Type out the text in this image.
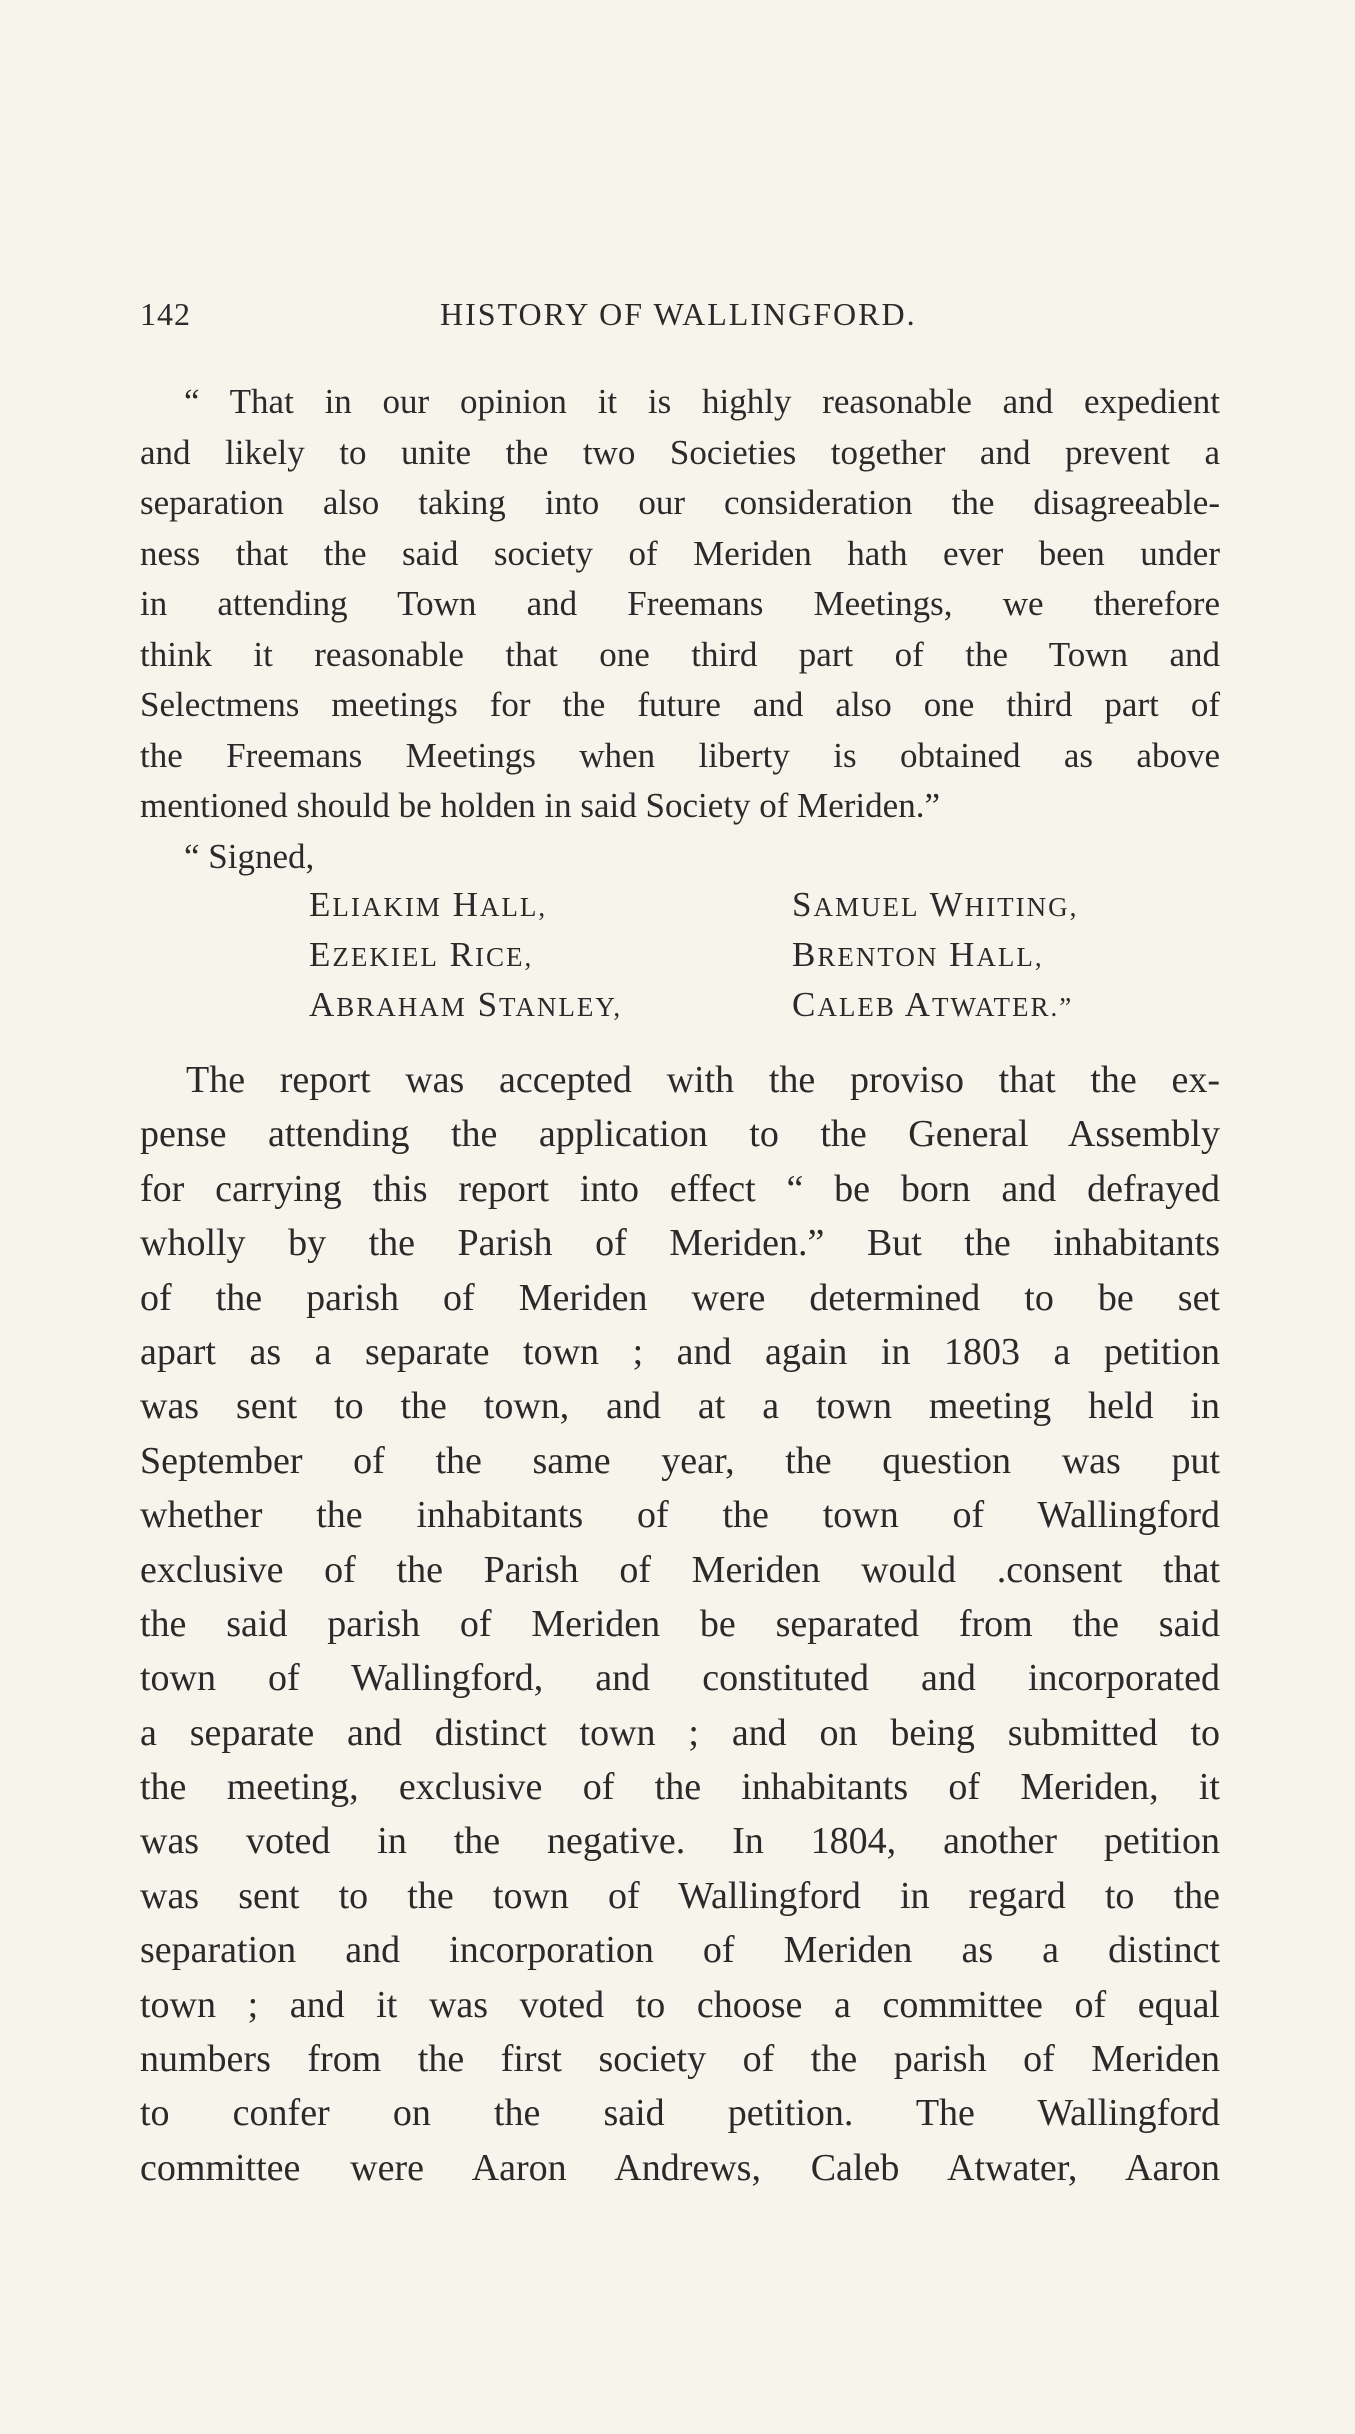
142	HISTORY OF WALLINGFORD.
“ That in our opinion it is highly reasonable and expedient
and likely to unite the two Societies together and prevent a
separation also taking into our consideration the disagreeable-
ness that the said society of Meriden hath ever been under
in attending Town and Freemans Meetings, we therefore
think it reasonable that one third part of the Town and
Selectmens meetings for the future and also one third part of
the Freemans Meetings when liberty is obtained as above
mentioned should be holden in said Society of Meriden.”
“ Signed,
ELIAKIM HALL,	SAMUEL WHITING,
EZEKIEL RICE,	BRENTON HALL,
ABRAHAM STANLEY,	CALEB ATWATER.”
The report was accepted with the proviso that the ex-
pense attending the application to the General Assembly
for carrying this report into effect “ be born and defrayed
wholly by the Parish of Meriden.” But the inhabitants
of the parish of Meriden were determined to be set
apart as a separate town ; and again in 1803 a petition
was sent to the town, and at a town meeting held in
September of the same year, the question was put
whether the inhabitants of the town of Wallingford
exclusive of the Parish of Meriden would .consent that
the said parish of Meriden be separated from the said
town of Wallingford, and constituted and incorporated
a separate and distinct town ; and on being submitted to
the meeting, exclusive of the inhabitants of Meriden, it
was voted in the negative. In 1804, another petition
was sent to the town of Wallingford in regard to the
separation and incorporation of Meriden as a distinct
town ; and it was voted to choose a committee of equal
numbers from the first society of the parish of Meriden
to confer on the said petition. The Wallingford
committee were Aaron Andrews, Caleb Atwater, Aaron
